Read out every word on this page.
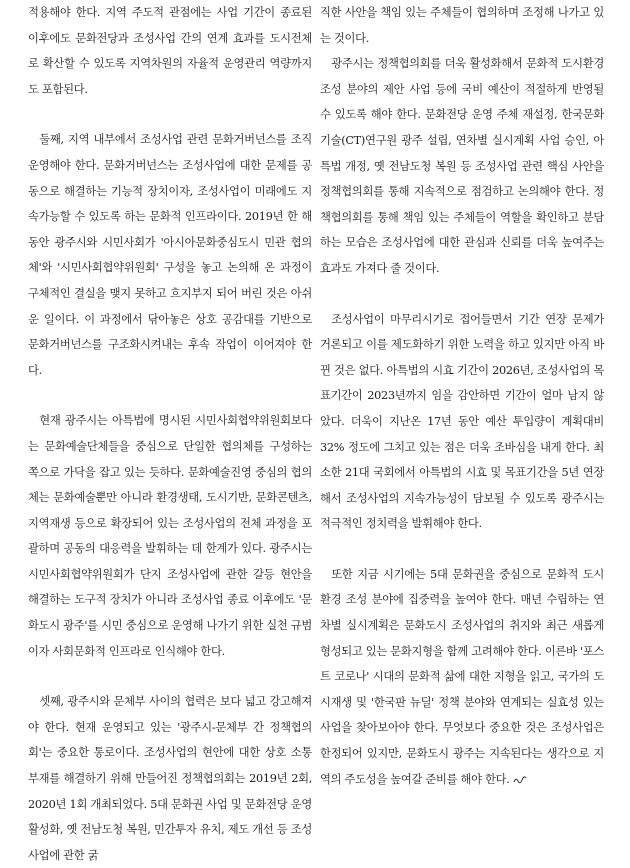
적용해야 한다. 지역 주도적 관점에는 사업 기간이 종료된 이후에도 문화전당과 조성사업 간의 연계 효과를 도시전체로 확산할 수 있도록 지역차원의 자율적 운영관리 역량까지도 포함된다.

둘째, 지역 내부에서 조성사업 관련 문화거버넌스를 조직 운영해야 한다. 문화거버넌스는 조성사업에 대한 문제를 공동으로 해결하는 기능적 장치이자, 조성사업이 미래에도 지속가능할 수 있도록 하는 문화적 인프라이다. 2019년 한 해 동안 광주시와 시민사회가 '아시아문화중심도시 민관 협의체'와 '시민사회협약위원회' 구성을 놓고 논의해 온 과정이 구체적인 결실을 맺지 못하고 흐지부지 되어 버린 것은 아쉬운 일이다. 이 과정에서 닦아놓은 상호 공감대를 기반으로 문화거버넌스를 구조화시켜내는 후속 작업이 이어져야 한다.

현재 광주시는 아특법에 명시된 시민사회협약위원회보다는 문화예술단체들을 중심으로 단일한 협의체를 구성하는 쪽으로 가닥을 잡고 있는 듯하다. 문화예술진영 중심의 협의체는 문화예술뿐만 아니라 환경생태, 도시기반, 문화콘텐츠, 지역재생 등으로 확장되어 있는 조성사업의 전체 과정을 포괄하며 공동의 대응력을 발휘하는 데 한계가 있다. 광주시는 시민사회협약위원회가 단지 조성사업에 관한 갈등 현안을 해결하는 도구적 장치가 아니라 조성사업 종료 이후에도 '문화도시 광주'를 시민 중심으로 운영해 나가기 위한 실천 규범이자 사회문화적 인프라로 인식해야 한다.

셋째, 광주시와 문체부 사이의 협력은 보다 넓고 강고해져야 한다. 현재 운영되고 있는 '광주시-문체부 간 정책협의회'는 중요한 통로이다. 조성사업의 현안에 대한 상호 소통 부재를 해결하기 위해 만들어진 정책협의회는 2019년 2회, 2020년 1회 개최되었다. 5대 문화권 사업 및 문화전당 운영 활성화, 옛 전남도청 복원, 민간투자 유치, 제도 개선 등 조성사업에 관한 굵

직한 사안을 책임 있는 주체들이 협의하며 조정해 나가고 있는 것이다.

광주시는 정책협의회를 더욱 활성화해서 문화적 도시환경 조성 분야의 제안 사업 등에 국비 예산이 적절하게 반영될 수 있도록 해야 한다. 문화전당 운영 주체 재설정, 한국문화기술(CT)연구원 광주 설립, 연차별 실시계획 사업 승인, 아특법 개정, 옛 전남도청 복원 등 조성사업 관련 핵심 사안을 정책협의회를 통해 지속적으로 점검하고 논의해야 한다. 정책협의회를 통해 책임 있는 주체들이 역할을 확인하고 분담하는 모습은 조성사업에 대한 관심과 신뢰를 더욱 높여주는 효과도 가져다 줄 것이다.

조성사업이 마무리시기로 접어들면서 기간 연장 문제가 거론되고 이를 제도화하기 위한 노력을 하고 있지만 아직 바뀐 것은 없다. 아특법의 시효 기간이 2026년, 조성사업의 목표기간이 2023년까지 임을 감안하면 기간이 얼마 남지 않았다. 더욱이 지난온 17년 동안 예산 투입량이 계획대비 32% 정도에 그치고 있는 점은 더욱 조바심을 내게 한다. 최소한 21대 국회에서 아특법의 시효 및 목표기간을 5년 연장해서 조성사업의 지속가능성이 담보될 수 있도록 광주시는 적극적인 정치력을 발휘해야 한다.

또한 지금 시기에는 5대 문화권을 중심으로 문화적 도시환경 조성 분야에 집중력을 높여야 한다. 매년 수립하는 연차별 실시계획은 문화도시 조성사업의 취지와 최근 새롭게 형성되고 있는 문화지형을 함께 고려해야 한다. 이른바 '포스트 코로나' 시대의 문화적 삶에 대한 지형을 읽고, 국가의 도시재생 및 '한국판 뉴딜' 정책 분야와 연계되는 실효성 있는 사업을 찾아보아야 한다. 무엇보다 중요한 것은 조성사업은 한정되어 있지만, 문화도시 광주는 지속된다는 생각으로 지역의 주도성을 높여갈 준비를 해야 한다.
